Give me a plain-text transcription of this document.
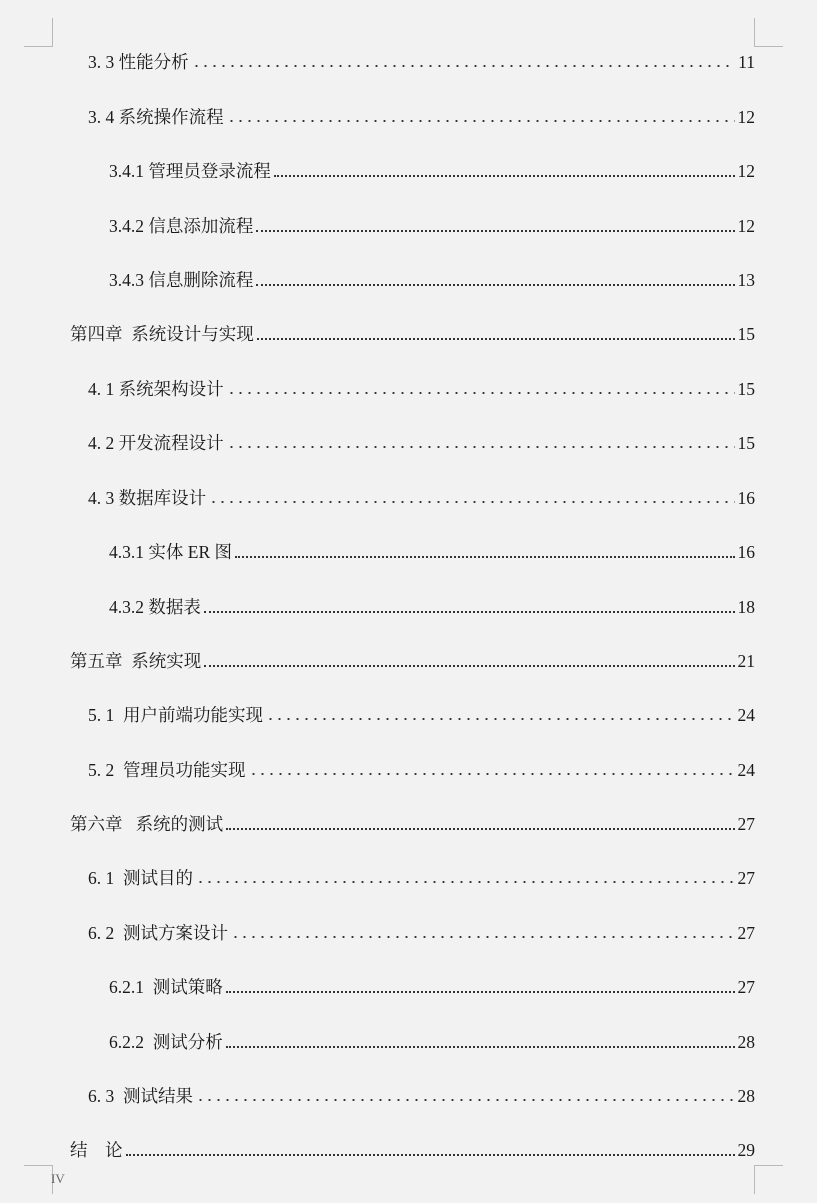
3. 3 性能分析	11
3. 4 系统操作流程	12
3.4.1 管理员登录流程	12
3.4.2 信息添加流程	12
3.4.3 信息删除流程	13
第四章  系统设计与实现	15
4. 1 系统架构设计	15
4. 2 开发流程设计	15
4. 3 数据库设计	16
4.3.1 实体 ER 图	16
4.3.2 数据表	18
第五章  系统实现	21
5. 1  用户前端功能实现	24
5. 2  管理员功能实现	24
第六章   系统的测试	27
6. 1  测试目的	27
6. 2  测试方案设计	27
6.2.1  测试策略	27
6.2.2  测试分析	28
6. 3  测试结果	28
结    论	29
IV
